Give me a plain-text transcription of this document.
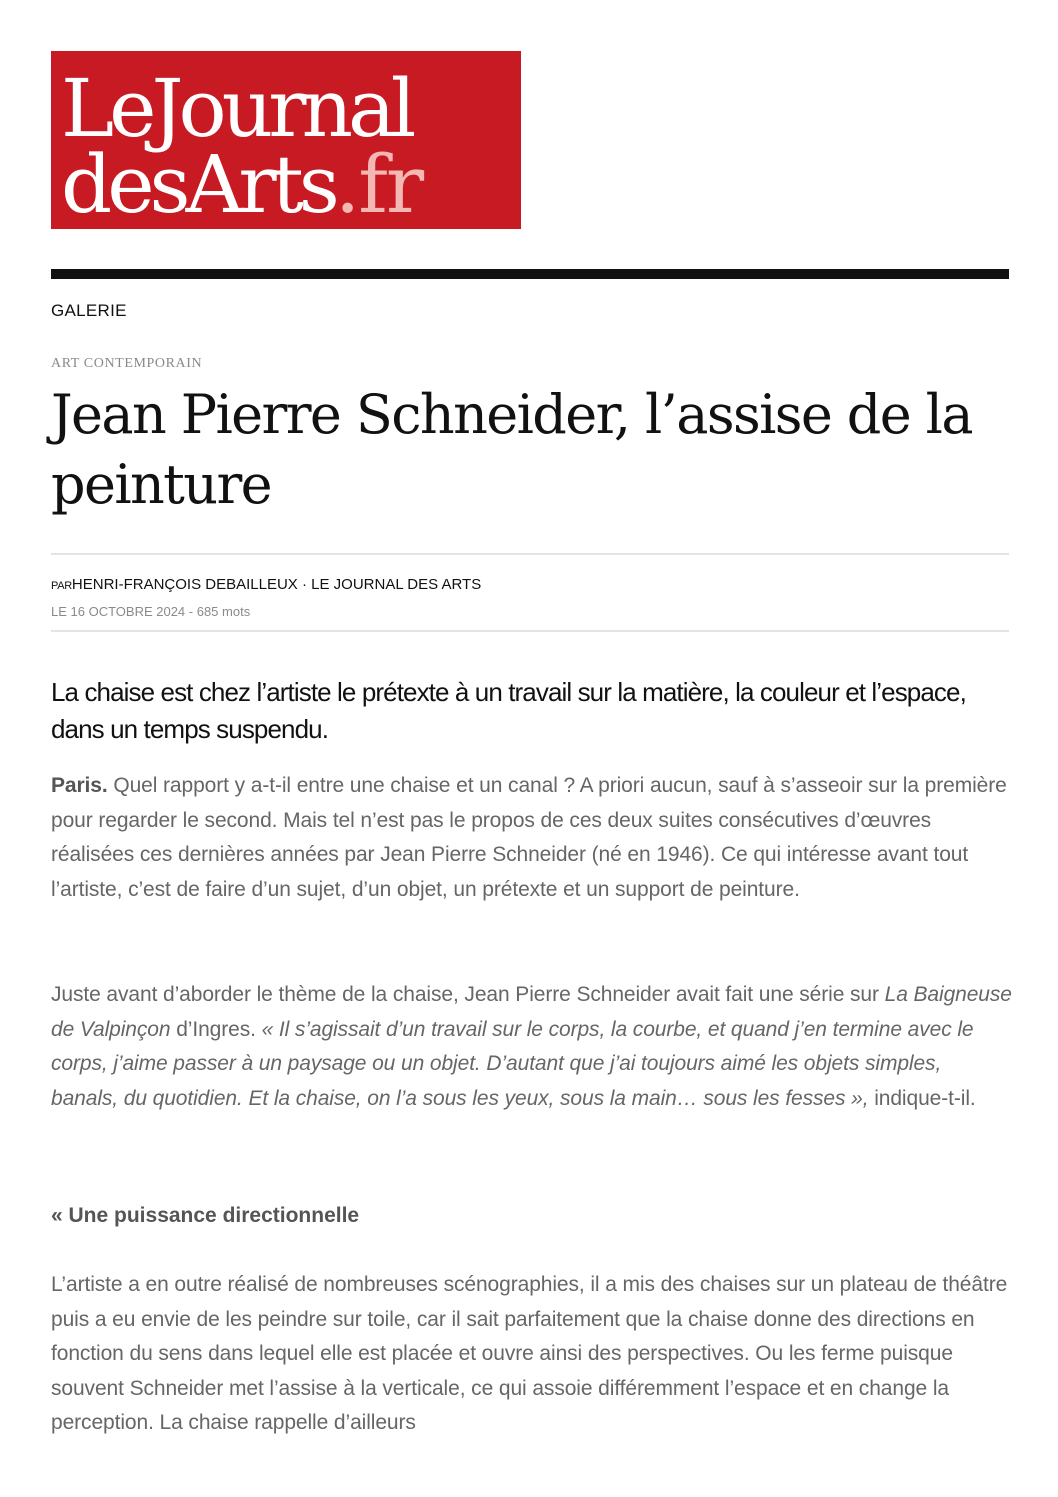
LeJournal
desArts.fr
GALERIE
ART CONTEMPORAIN
Jean Pierre Schneider, l’assise de la peinture
PARHENRI-FRANÇOIS DEBAILLEUX · LE JOURNAL DES ARTS
LE 16 OCTOBRE 2024 - 685 mots

La chaise est chez l’artiste le prétexte à un travail sur la matière, la couleur et l’espace, dans un temps suspendu.

Paris. Quel rapport y a-t-il entre une chaise et un canal ? A priori aucun, sauf à s’asseoir sur la première pour regarder le second. Mais tel n’est pas le propos de ces deux suites consécutives d’œuvres réalisées ces dernières années par Jean Pierre Schneider (né en 1946). Ce qui intéresse avant tout l’artiste, c’est de faire d’un sujet, d’un objet, un prétexte et un support de peinture.

Juste avant d’aborder le thème de la chaise, Jean Pierre Schneider avait fait une série sur La Baigneuse de Valpinçon d’Ingres. « Il s’agissait d’un travail sur le corps, la courbe, et quand j’en termine avec le corps, j’aime passer à un paysage ou un objet. D’autant que j’ai toujours aimé les objets simples, banals, du quotidien. Et la chaise, on l’a sous les yeux, sous la main… sous les fesses », indique-t-il.

« Une puissance directionnelle

L’artiste a en outre réalisé de nombreuses scénographies, il a mis des chaises sur un plateau de théâtre puis a eu envie de les peindre sur toile, car il sait parfaitement que la chaise donne des directions en fonction du sens dans lequel elle est placée et ouvre ainsi des perspectives. Ou les ferme puisque souvent Schneider met l’assise à la verticale, ce qui assoie différemment l’espace et en change la perception. La chaise rappelle d’ailleurs
